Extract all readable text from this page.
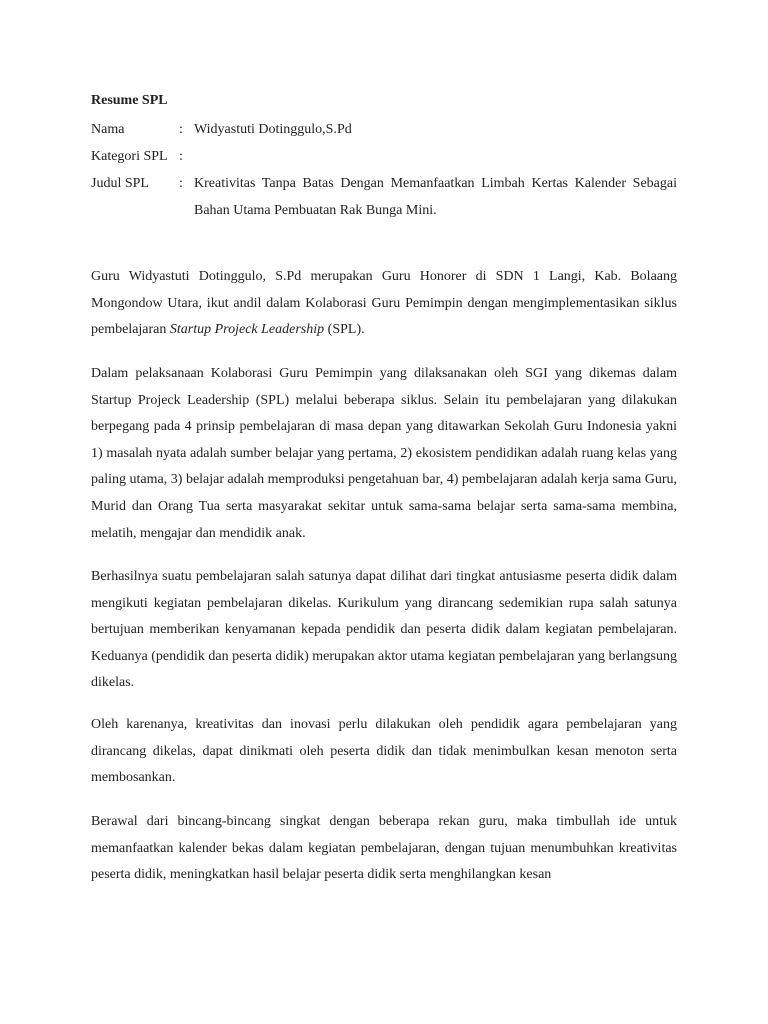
Resume SPL
Nama	: Widyastuti Dotinggulo,S.Pd
Kategori SPL :
Judul SPL	: Kreativitas Tanpa Batas Dengan Memanfaatkan Limbah Kertas Kalender Sebagai Bahan Utama Pembuatan Rak Bunga Mini.

Guru Widyastuti Dotinggulo, S.Pd merupakan Guru Honorer di SDN 1 Langi, Kab. Bolaang Mongondow Utara, ikut andil dalam Kolaborasi Guru Pemimpin dengan mengimplementasikan siklus pembelajaran Startup Projeck Leadership (SPL).

Dalam pelaksanaan Kolaborasi Guru Pemimpin yang dilaksanakan oleh SGI yang dikemas dalam Startup Projeck Leadership (SPL) melalui beberapa siklus. Selain itu pembelajaran yang dilakukan berpegang pada 4 prinsip pembelajaran di masa depan yang ditawarkan Sekolah Guru Indonesia yakni 1) masalah nyata adalah sumber belajar yang pertama, 2) ekosistem pendidikan adalah ruang kelas yang paling utama, 3) belajar adalah memproduksi pengetahuan bar, 4) pembelajaran adalah kerja sama Guru, Murid dan Orang Tua serta masyarakat sekitar untuk sama-sama belajar serta sama-sama membina, melatih, mengajar dan mendidik anak.

Berhasilnya suatu pembelajaran salah satunya dapat dilihat dari tingkat antusiasme peserta didik dalam mengikuti kegiatan pembelajaran dikelas. Kurikulum yang dirancang sedemikian rupa salah satunya bertujuan memberikan kenyamanan kepada pendidik dan peserta didik dalam kegiatan pembelajaran. Keduanya (pendidik dan peserta didik) merupakan aktor utama kegiatan pembelajaran yang berlangsung dikelas.

Oleh karenanya, kreativitas dan inovasi perlu dilakukan oleh pendidik agara pembelajaran yang dirancang dikelas, dapat dinikmati oleh peserta didik dan tidak menimbulkan kesan menoton serta membosankan.

Berawal dari bincang-bincang singkat dengan beberapa rekan guru, maka timbullah ide untuk memanfaatkan kalender bekas dalam kegiatan pembelajaran, dengan tujuan menumbuhkan kreativitas peserta didik, meningkatkan hasil belajar peserta didik serta menghilangkan kesan
